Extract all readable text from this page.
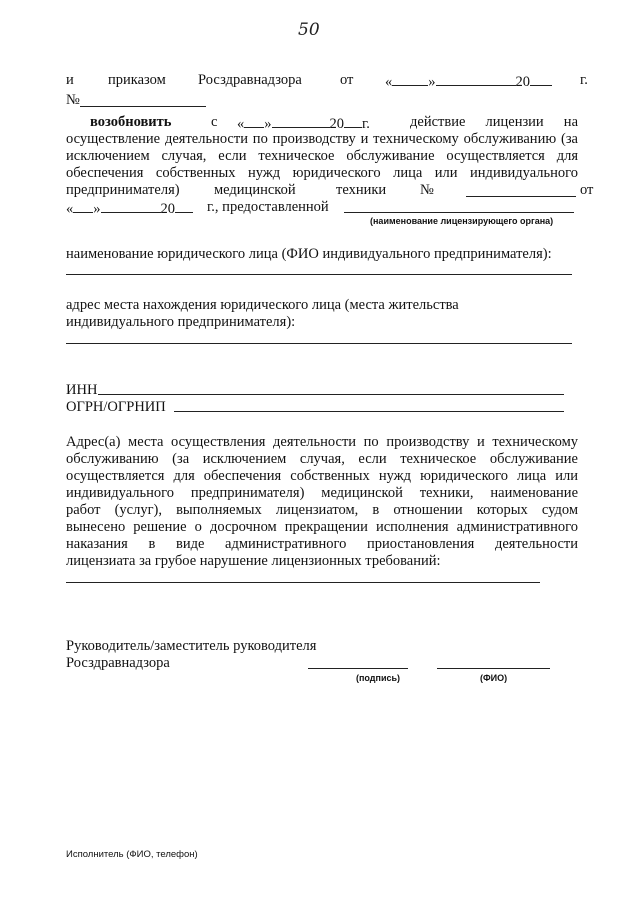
50
и приказом Росздравнадзора	от « »	20	г.
№
возобновить	с « »	20 г.	действие лицензии на
осуществление деятельности по производству и техническому обслуживанию (за
исключением случая, если техническое обслуживание осуществляется для
обеспечения собственных нужд юридического лица или индивидуального
предпринимателя) медицинской	техники №	от
« »	20	г., предоставленной
(наименование лицензирующего органа)
наименование юридического лица (ФИО индивидуального предпринимателя):
адрес места нахождения юридического лица (места жительства
индивидуального предпринимателя):
ИНН
ОГРН/ОГРНИП
Адрес(а) места осуществления деятельности по производству и техническому
обслуживанию (за исключением случая, если техническое обслуживание
осуществляется для обеспечения собственных нужд юридического лица или
индивидуального предпринимателя) медицинской техники, наименование
работ (услуг), выполняемых лицензиатом, в отношении которых судом
вынесено решение о досрочном прекращении исполнения административного
наказания в виде административного приостановления деятельности
лицензиата за грубое нарушение лицензионных требований:
Руководитель/заместитель руководителя
Росздравнадзора
(подпись)	(ФИО)
Исполнитель (ФИО, телефон)
